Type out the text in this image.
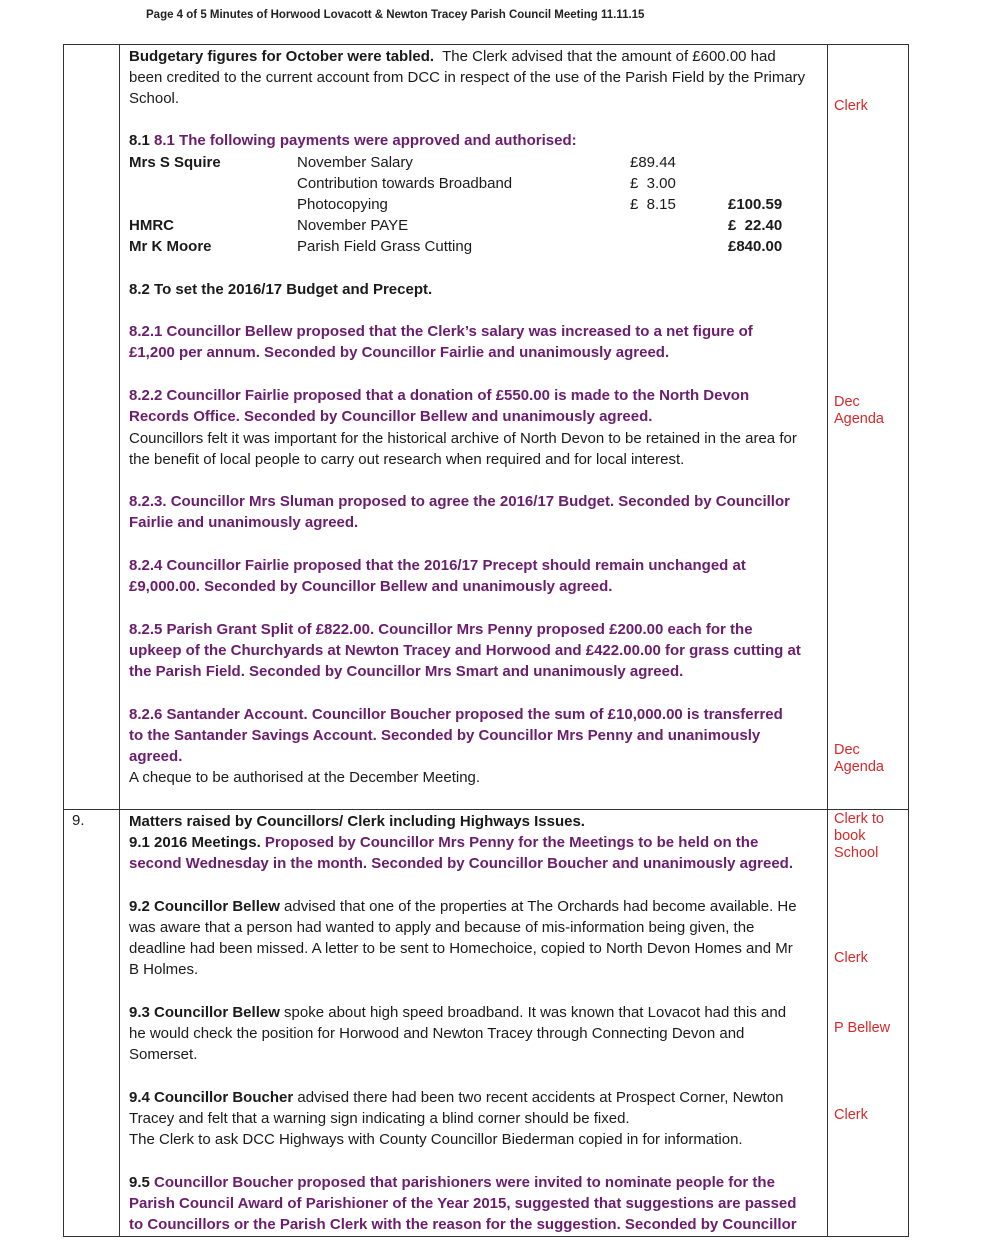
Page 4 of 5 Minutes of Horwood Lovacott & Newton Tracey Parish Council Meeting 11.11.15
Budgetary figures for October were tabled. The Clerk advised that the amount of £600.00 had
been credited to the current account from DCC in respect of the use of the Parish Field by the Primary
School.	Clerk
8.1 8.1 The following payments were approved and authorised:
Mrs S Squire	November Salary	£89.44
Contribution towards Broadband	£  3.00
Photocopying	£  8.15	£100.59
HMRC	November PAYE	£  22.40
Mr K Moore	Parish Field Grass Cutting	£840.00
8.2 To set the 2016/17 Budget and Precept.
8.2.1 Councillor Bellew proposed that the Clerk’s salary was increased to a net figure of
£1,200 per annum. Seconded by Councillor Fairlie and unanimously agreed.
8.2.2 Councillor Fairlie proposed that a donation of £550.00 is made to the North Devon
Records Office. Seconded by Councillor Bellew and unanimously agreed.
Councillors felt it was important for the historical archive of North Devon to be retained in the area for
the benefit of local people to carry out research when required and for local interest.
Dec
Agenda
8.2.3. Councillor Mrs Sluman proposed to agree the 2016/17 Budget. Seconded by Councillor
Fairlie and unanimously agreed.
8.2.4 Councillor Fairlie proposed that the 2016/17 Precept should remain unchanged at
£9,000.00. Seconded by Councillor Bellew and unanimously agreed.
8.2.5 Parish Grant Split of £822.00. Councillor Mrs Penny proposed £200.00 each for the
upkeep of the Churchyards at Newton Tracey and Horwood and £422.00.00 for grass cutting at
the Parish Field. Seconded by Councillor Mrs Smart and unanimously agreed.
8.2.6 Santander Account. Councillor Boucher proposed the sum of £10,000.00 is transferred
to the Santander Savings Account. Seconded by Councillor Mrs Penny and unanimously
agreed.
A cheque to be authorised at the December Meeting.
Dec
Agenda
9.	Matters raised by Councillors/ Clerk including Highways Issues.
9.1 2016 Meetings. Proposed by Councillor Mrs Penny for the Meetings to be held on the
second Wednesday in the month. Seconded by Councillor Boucher and unanimously agreed.
Clerk to
book
School
9.2 Councillor Bellew advised that one of the properties at The Orchards had become available. He
was aware that a person had wanted to apply and because of mis-information being given, the
deadline had been missed. A letter to be sent to Homechoice, copied to North Devon Homes and Mr
B Holmes.
Clerk
9.3 Councillor Bellew spoke about high speed broadband. It was known that Lovacot had this and
he would check the position for Horwood and Newton Tracey through Connecting Devon and
Somerset.
P Bellew
9.4 Councillor Boucher advised there had been two recent accidents at Prospect Corner, Newton
Tracey and felt that a warning sign indicating a blind corner should be fixed.
The Clerk to ask DCC Highways with County Councillor Biederman copied in for information.
Clerk
9.5 Councillor Boucher proposed that parishioners were invited to nominate people for the
Parish Council Award of Parishioner of the Year 2015, suggested that suggestions are passed
to Councillors or the Parish Clerk with the reason for the suggestion. Seconded by Councillor
